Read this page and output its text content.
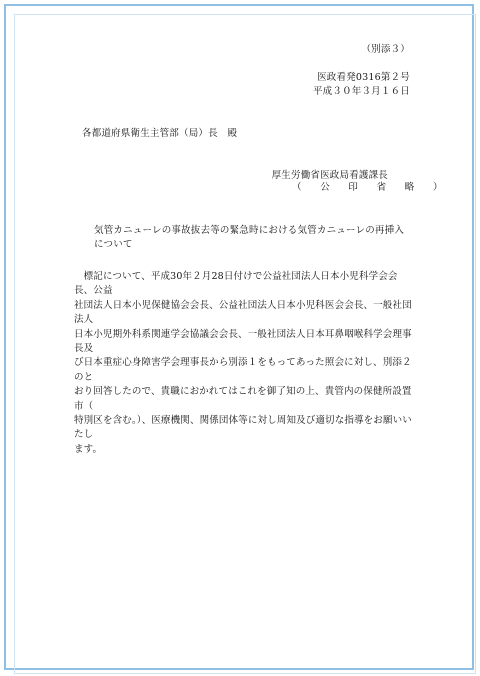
（別添３）
医政看発0316第２号
平成３０年３月１６日
各都道府県衛生主管部（局）長　殿
厚生労働省医政局看護課長
（　公　印　省　略　）
気管カニューレの事故抜去等の緊急時における気管カニューレの再挿入
について
　標記について、平成30年２月28日付けで公益社団法人日本小児科学会会長、公益
社団法人日本小児保健協会会長、公益社団法人日本小児科医会会長、一般社団法人
日本小児期外科系関連学会協議会会長、一般社団法人日本耳鼻咽喉科学会理事長及
び日本重症心身障害学会理事長から別添１をもってあった照会に対し、別添２のと
おり回答したので、貴職におかれてはこれを御了知の上、貴管内の保健所設置市（
特別区を含む。）、医療機関、関係団体等に対し周知及び適切な指導をお願いいたし
ます。
